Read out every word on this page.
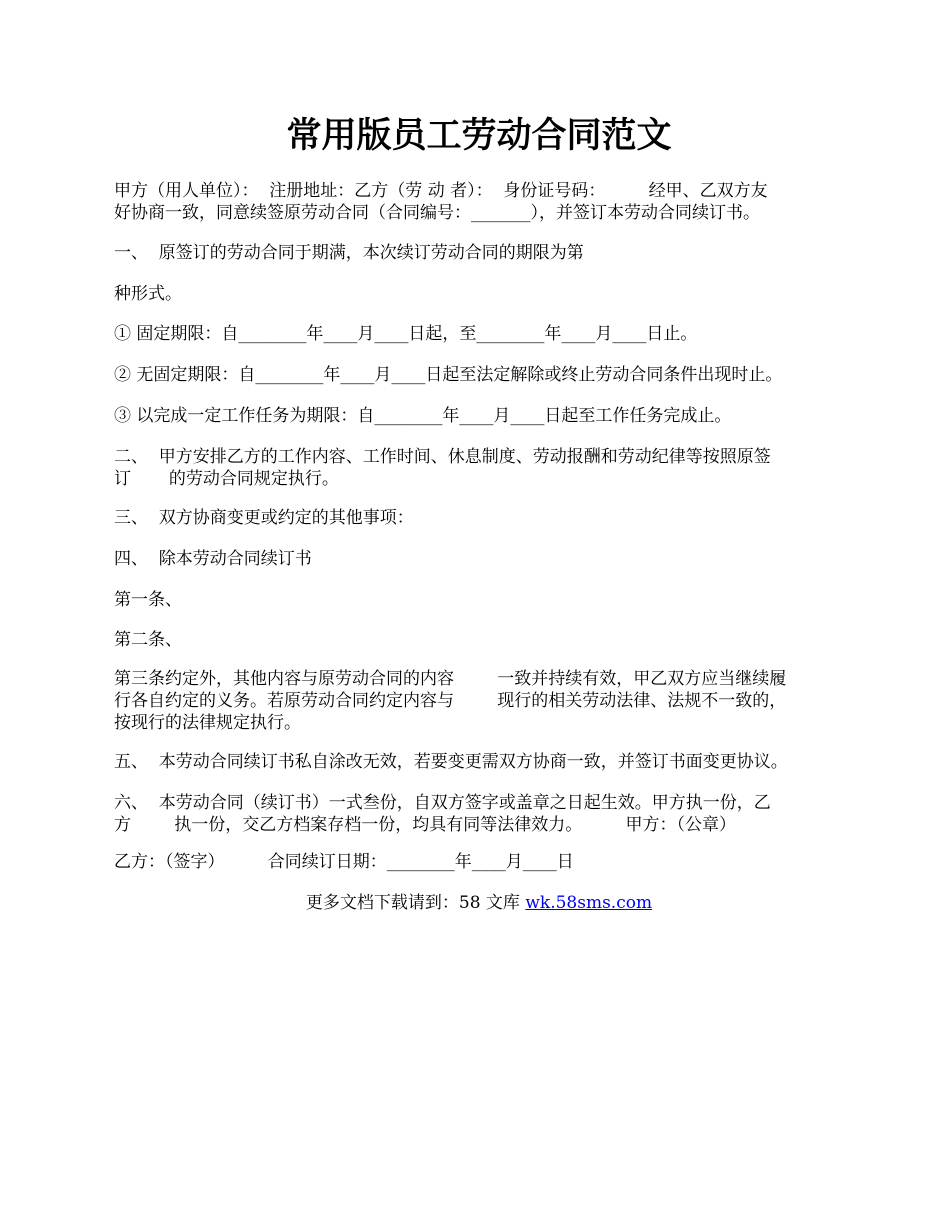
常用版员工劳动合同范文
甲方（用人单位）：  注册地址：乙方（劳 动 者）：  身份证号码：        经甲、乙双方友
好协商一致，同意续签原劳动合同（合同编号：_______），并签订本劳动合同续订书。
一、  原签订的劳动合同于期满，本次续订劳动合同的期限为第
种形式。
① 固定期限：自________年____月____日起，至________年____月____日止。
② 无固定期限：自________年____月____日起至法定解除或终止劳动合同条件出现时止。
③ 以完成一定工作任务为期限：自________年____月____日起至工作任务完成止。
二、  甲方安排乙方的工作内容、工作时间、休息制度、劳动报酬和劳动纪律等按照原签
订       的劳动合同规定执行。
三、  双方协商变更或约定的其他事项：
四、  除本劳动合同续订书
第一条、
第二条、
第三条约定外，其他内容与原劳动合同的内容        一致并持续有效，甲乙双方应当继续履
行各自约定的义务。若原劳动合同约定内容与        现行的相关劳动法律、法规不一致的，
按现行的法律规定执行。
五、  本劳动合同续订书私自涂改无效，若要变更需双方协商一致，并签订书面变更协议。
六、  本劳动合同（续订书）一式叁份，自双方签字或盖章之日起生效。甲方执一份，乙
方        执一份，交乙方档案存档一份，均具有同等法律效力。        甲方：（公章）
乙方：（签字）        合同续订日期：________年____月____日
更多文档下载请到：58 文库 wk.58sms.com
